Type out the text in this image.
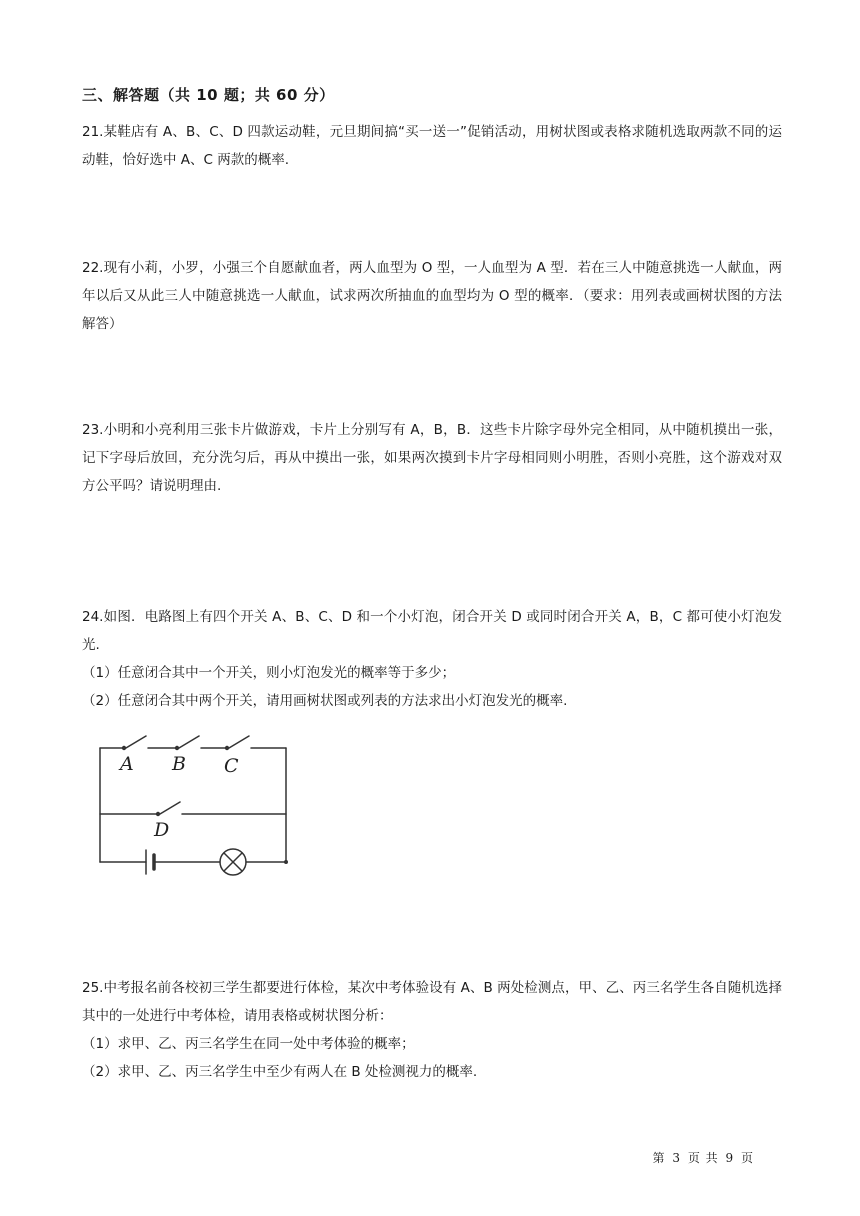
三、解答题（共 10 题；共 60 分）

21.某鞋店有 A、B、C、D 四款运动鞋，元旦期间搞“买一送一”促销活动，用树状图或表格求随机选取两款不同的运动鞋，恰好选中 A、C 两款的概率.

22.现有小莉，小罗，小强三个自愿献血者，两人血型为 O 型，一人血型为 A 型．若在三人中随意挑选一人献血，两年以后又从此三人中随意挑选一人献血，试求两次所抽血的血型均为 O 型的概率．（要求：用列表或画树状图的方法解答）

23.小明和小亮利用三张卡片做游戏，卡片上分别写有 A，B，B．这些卡片除字母外完全相同，从中随机摸出一张，记下字母后放回，充分洗匀后，再从中摸出一张，如果两次摸到卡片字母相同则小明胜，否则小亮胜，这个游戏对双方公平吗？请说明理由.

24.如图．电路图上有四个开关 A、B、C、D 和一个小灯泡，闭合开关 D 或同时闭合开关 A，B，C 都可使小灯泡发光.

（1）任意闭合其中一个开关，则小灯泡发光的概率等于多少；

（2）任意闭合其中两个开关，请用画树状图或列表的方法求出小灯泡发光的概率.

A B C
D

25.中考报名前各校初三学生都要进行体检，某次中考体验设有 A、B 两处检测点，甲、乙、丙三名学生各自随机选择其中的一处进行中考体检，请用表格或树状图分析：

（1）求甲、乙、丙三名学生在同一处中考体验的概率；

（2）求甲、乙、丙三名学生中至少有两人在 B 处检测视力的概率.

第 3 页 共 9 页
